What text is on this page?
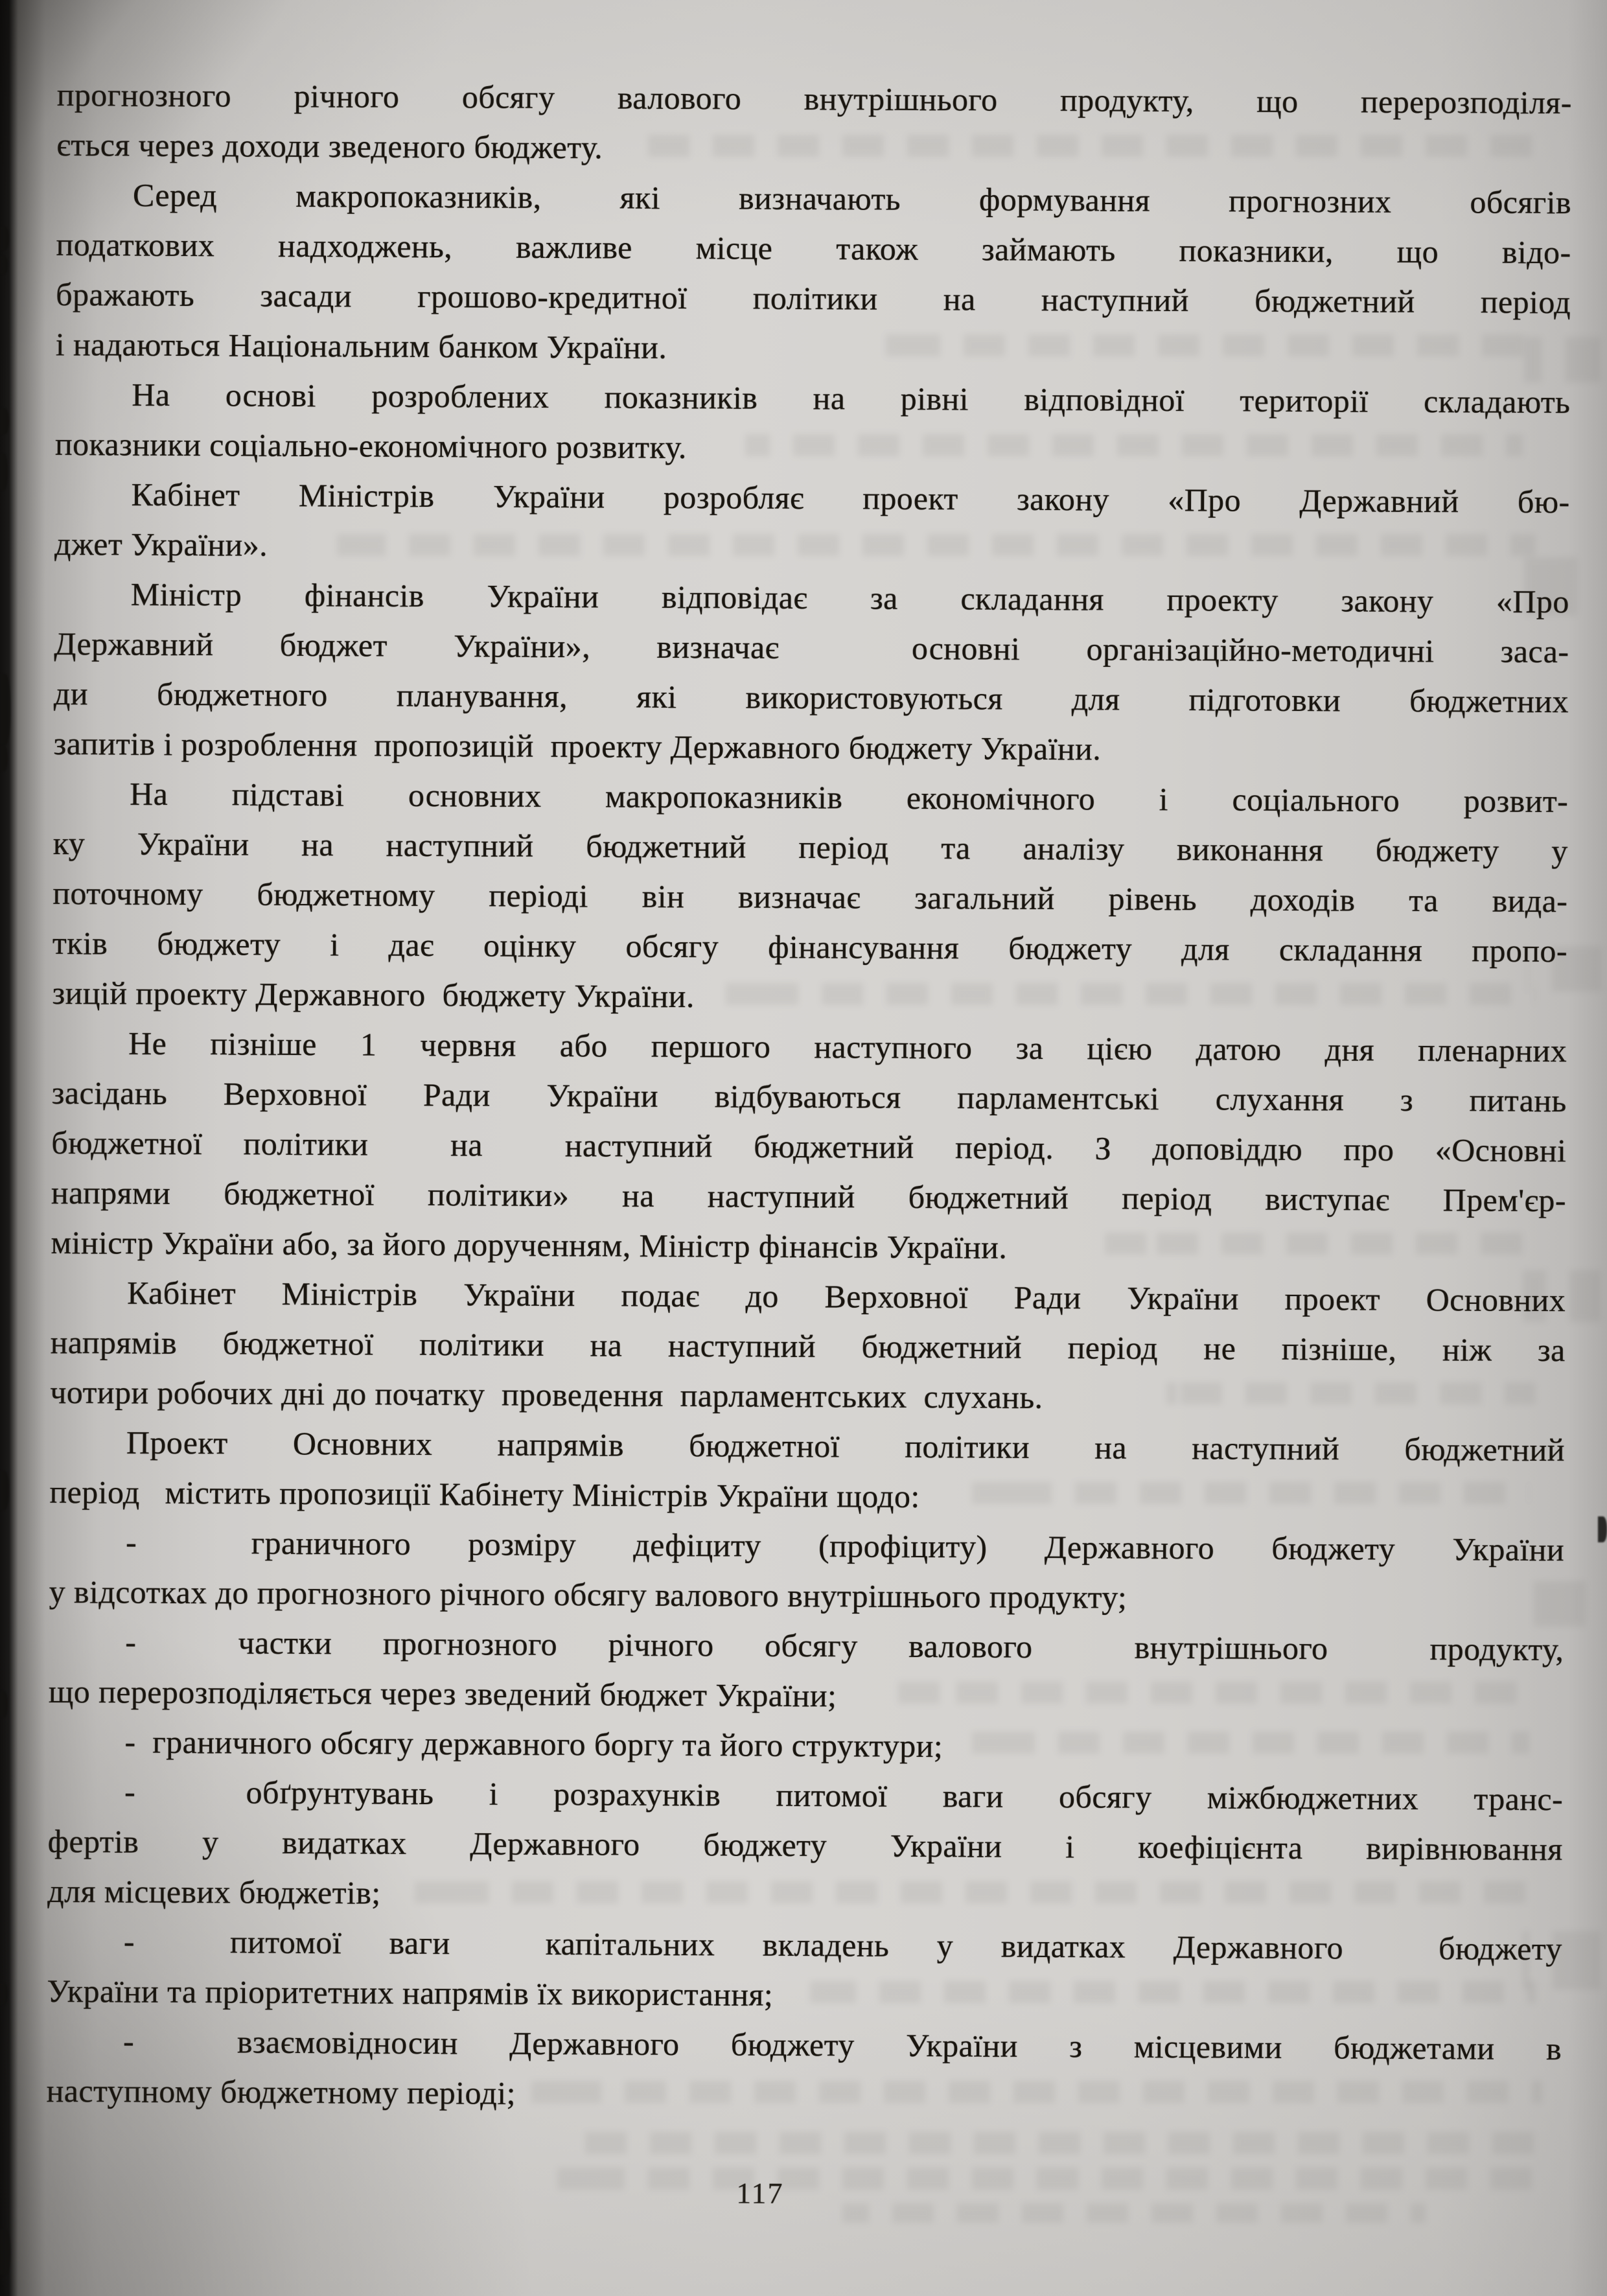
прогнозного річного обсягу валового внутрішнього продукту, що перерозподіля-
ється через доходи зведеного бюджету.
Серед макропоказників, які визначають формування прогнозних обсягів
податкових надходжень, важливе місце також займають показники, що відо-
бражають засади грошово-кредитної політики на наступний бюджетний період
і надаються Національним банком України.
На основі розроблених показників на рівні відповідної території складають
показники соціально-економічного розвитку.
Кабінет Міністрів України розробляє проект закону «Про Державний бю-
джет України».
Міністр фінансів України відповідає за складання проекту закону «Про
Державний бюджет України», визначає  основні організаційно-методичні заса-
ди бюджетного планування, які використовуються для підготовки бюджетних
запитів і розроблення  пропозицій  проекту Державного бюджету України.
На підставі основних макропоказників економічного і соціального розвит-
ку України на наступний бюджетний період та аналізу виконання бюджету у
поточному бюджетному періоді він визначає загальний рівень доходів та вида-
тків бюджету і дає оцінку обсягу фінансування бюджету для складання пропо-
зицій проекту Державного  бюджету України.
Не пізніше 1 червня або першого наступного за цією датою дня пленарних
засідань Верховної Ради України відбуваються парламентські слухання з питань
бюджетної політики  на  наступний бюджетний період. З доповіддю про «Основні
напрями бюджетної політики» на наступний бюджетний період виступає Прем'єр-
міністр України або, за його дорученням, Міністр фінансів України.
Кабінет Міністрів України подає до Верховної Ради України проект Основних
напрямів бюджетної політики на наступний бюджетний період не пізніше, ніж за
чотири робочих дні до початку  проведення  парламентських  слухань.
Проект Основних напрямів бюджетної політики на наступний бюджетний
період   містить пропозиції Кабінету Міністрів України щодо:
-  граничного розміру дефіциту (профіциту) Державного бюджету України
у відсотках до прогнозного річного обсягу валового внутрішнього продукту;
-  частки прогнозного річного обсягу валового  внутрішнього  продукту,
що перерозподіляється через зведений бюджет України;
-  граничного обсягу державного боргу та його структури;
-  обґрунтувань і розрахунків питомої ваги обсягу міжбюджетних транс-
фертів у видатках Державного бюджету України і коефіцієнта вирівнювання
для місцевих бюджетів;
-  питомої ваги  капітальних вкладень у видатках Державного  бюджету
України та пріоритетних напрямів їх використання;
-  взаємовідносин Державного бюджету України з місцевими бюджетами в
наступному бюджетному періоді;
117
